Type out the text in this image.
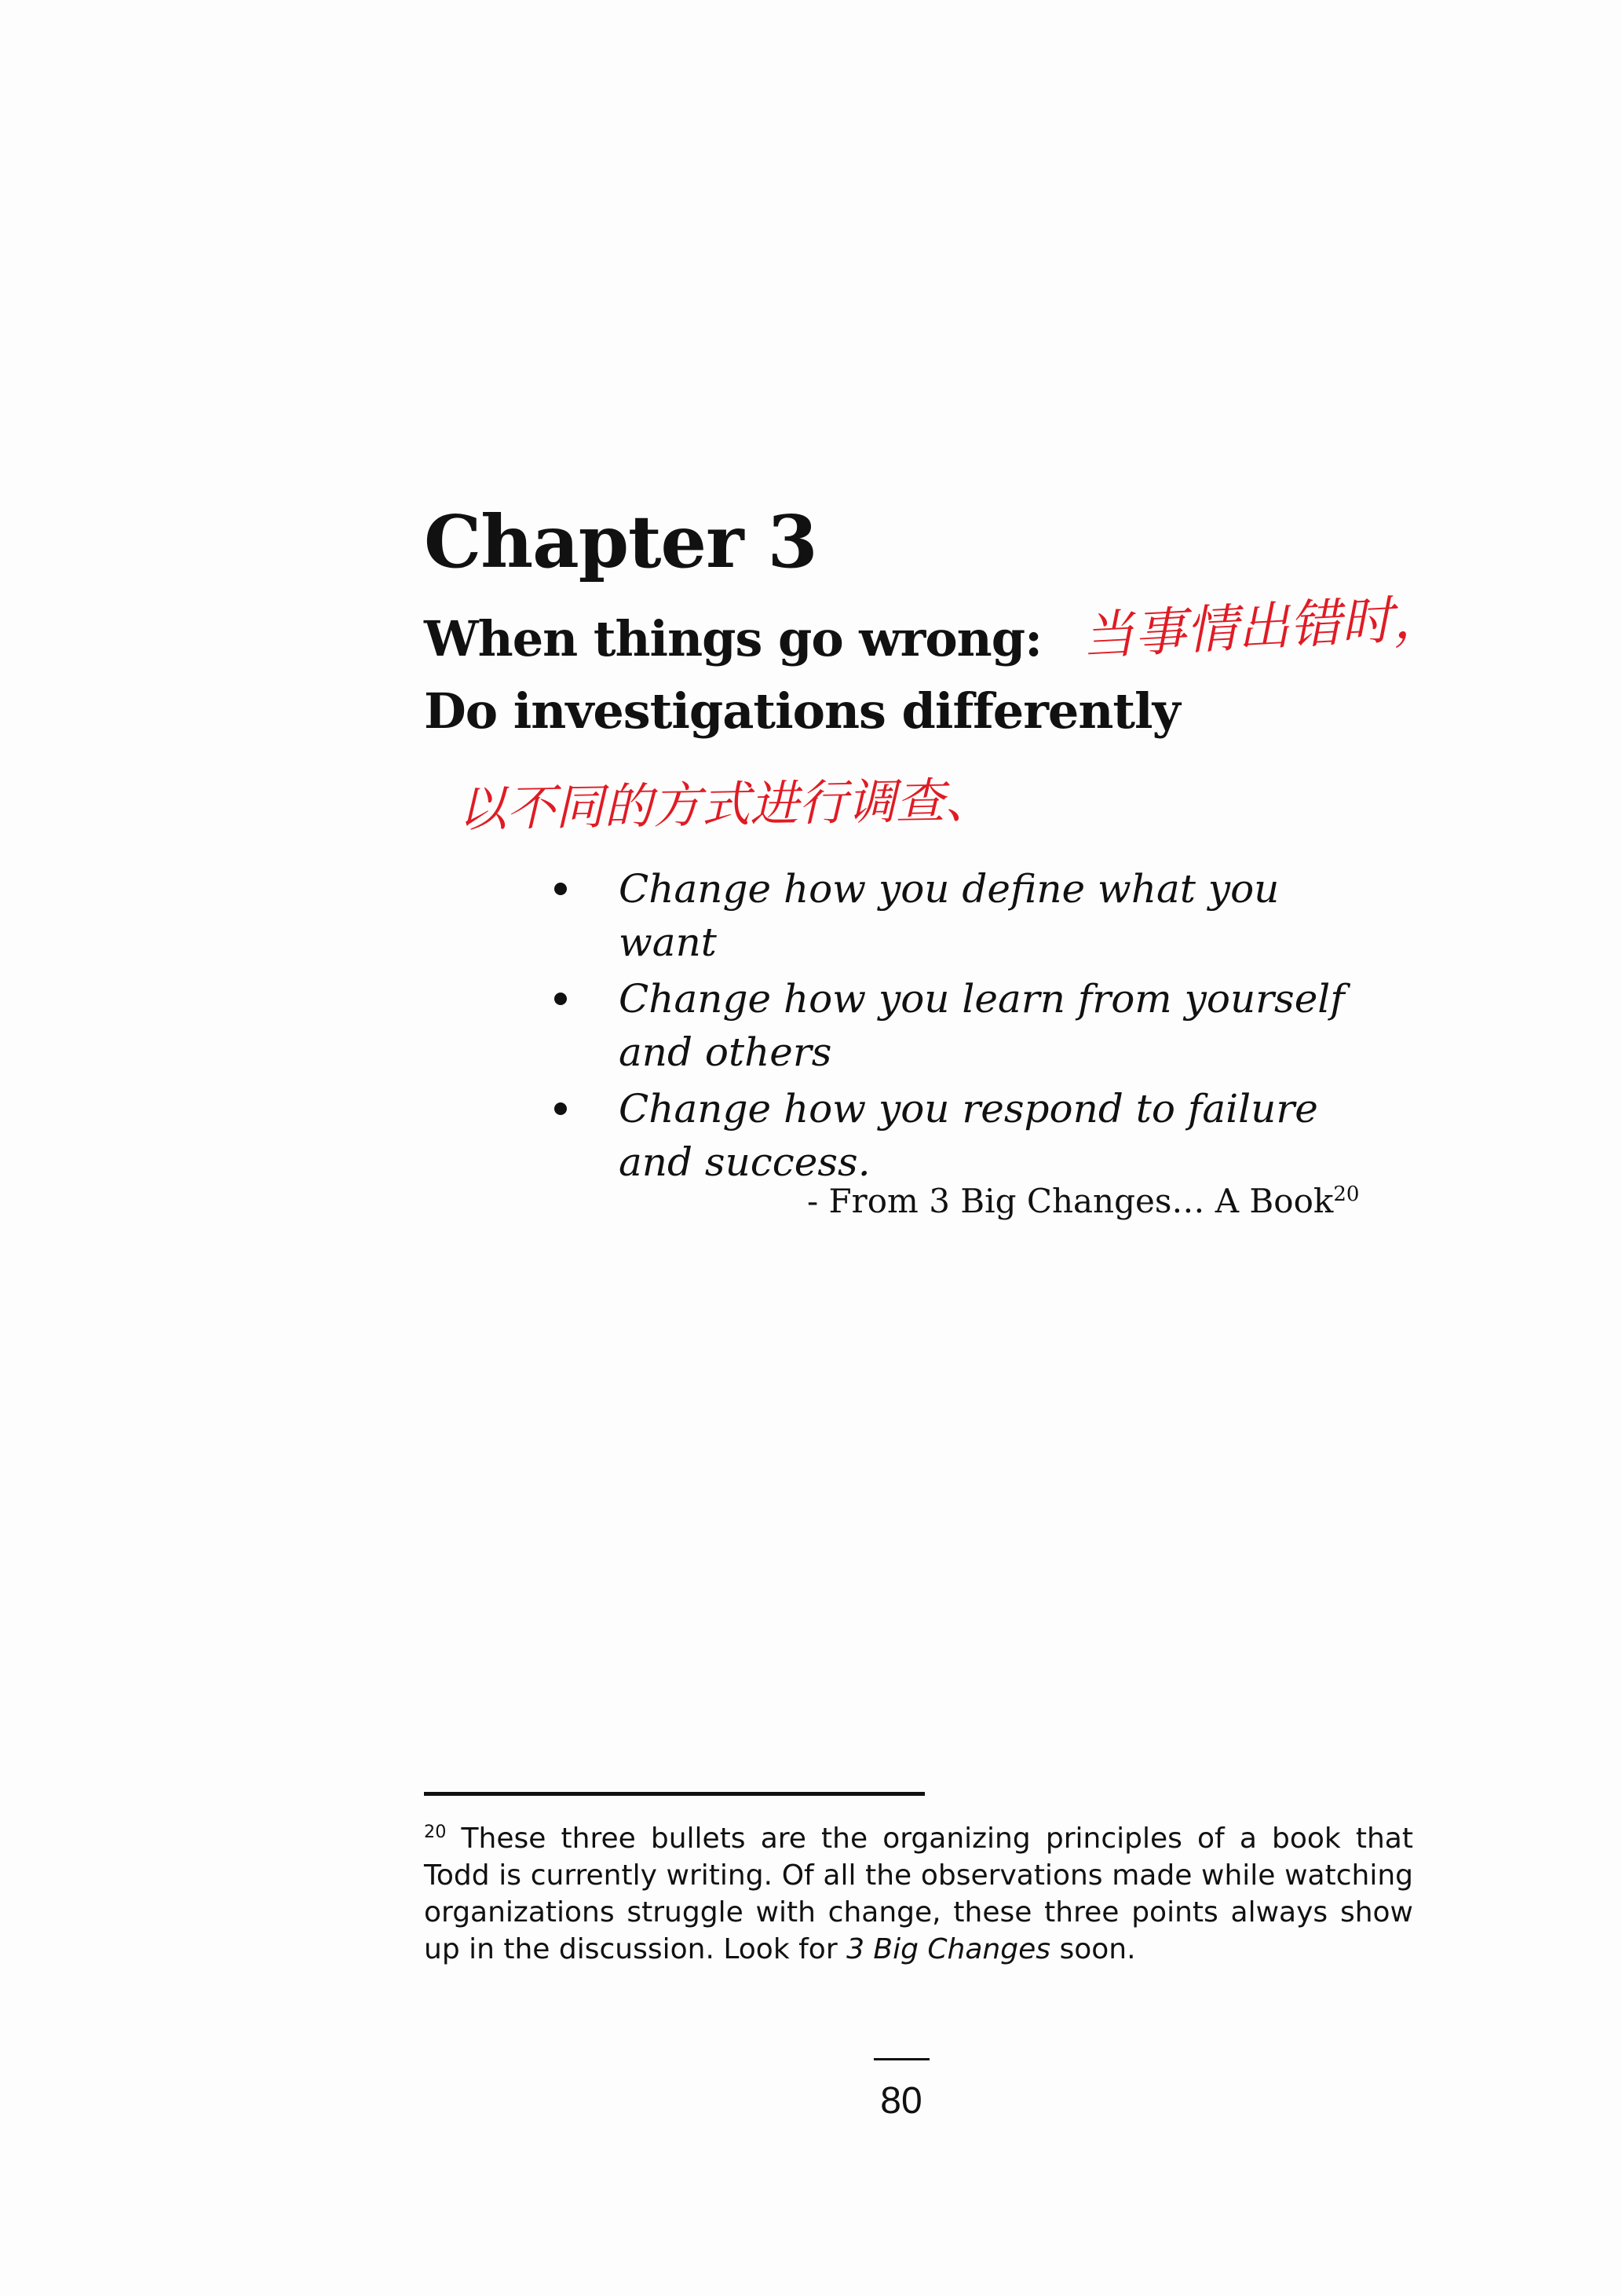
Chapter 3
When things go wrong:
Do investigations differently
当事情出错时，
以不同的方式进行调查、
Change how you define what you want
Change how you learn from yourself and others
Change how you respond to failure and success.
- From 3 Big Changes… A Book$^{20}$

$^{20}$ These three bullets are the organizing principles of a book that Todd is currently writing. Of all the observations made while watching organizations struggle with change, these three points always show up in the discussion. Look for 3 Big Changes soon.

80
